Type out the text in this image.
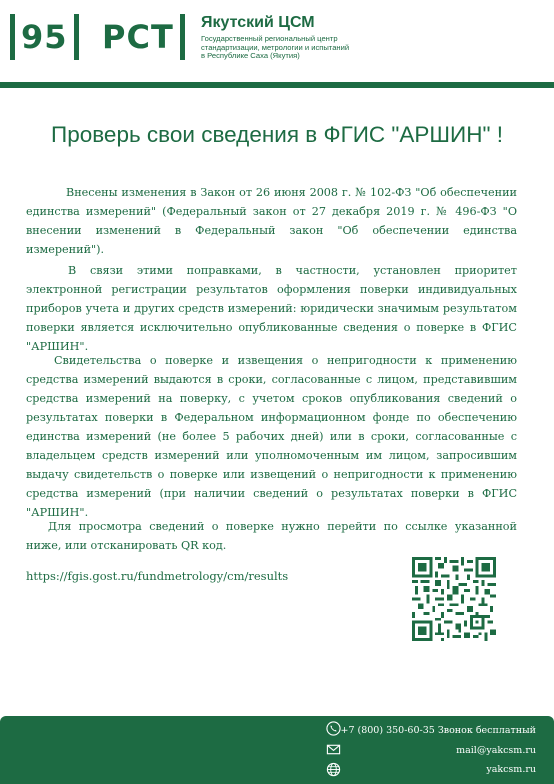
95 РСТ Якутский ЦСМ
Государственный региональный центр
стандартизации, метрологии и испытаний
в Республике Саха (Якутия)
Проверь свои сведения в ФГИС "АРШИН" !
Внесены изменения в Закон от 26 июня 2008 г. № 102-ФЗ "Об обеспечении единства измерений" (Федеральный закон от 27 декабря 2019 г. № 496-ФЗ "О внесении изменений в Федеральный закон "Об обеспечении единства измерений").
В связи этими поправками, в частности, установлен приоритет электронной регистрации результатов оформления поверки индивидуальных приборов учета и других средств измерений: юридически значимым результатом поверки является исключительно опубликованные сведения о поверке в ФГИС "АРШИН".
Свидетельства о поверке и извещения о непригодности к применению средства измерений выдаются в сроки, согласованные с лицом, представившим средства измерений на поверку, с учетом сроков опубликования сведений о результатах поверки в Федеральном информационном фонде по обеспечению единства измерений (не более 5 рабочих дней) или в сроки, согласованные с владельцем средств измерений или уполномоченным им лицом, запросившим выдачу свидетельств о поверке или извещений о непригодности к применению средства измерений (при наличии сведений о результатах поверки в ФГИС "АРШИН".
Для просмотра сведений о поверке нужно перейти по ссылке указанной ниже, или отсканировать QR код.
https://fgis.gost.ru/fundmetrology/cm/results
+7 (800) 350-60-35 Звонок бесплатный
mail@yakcsm.ru
yakcsm.ru
